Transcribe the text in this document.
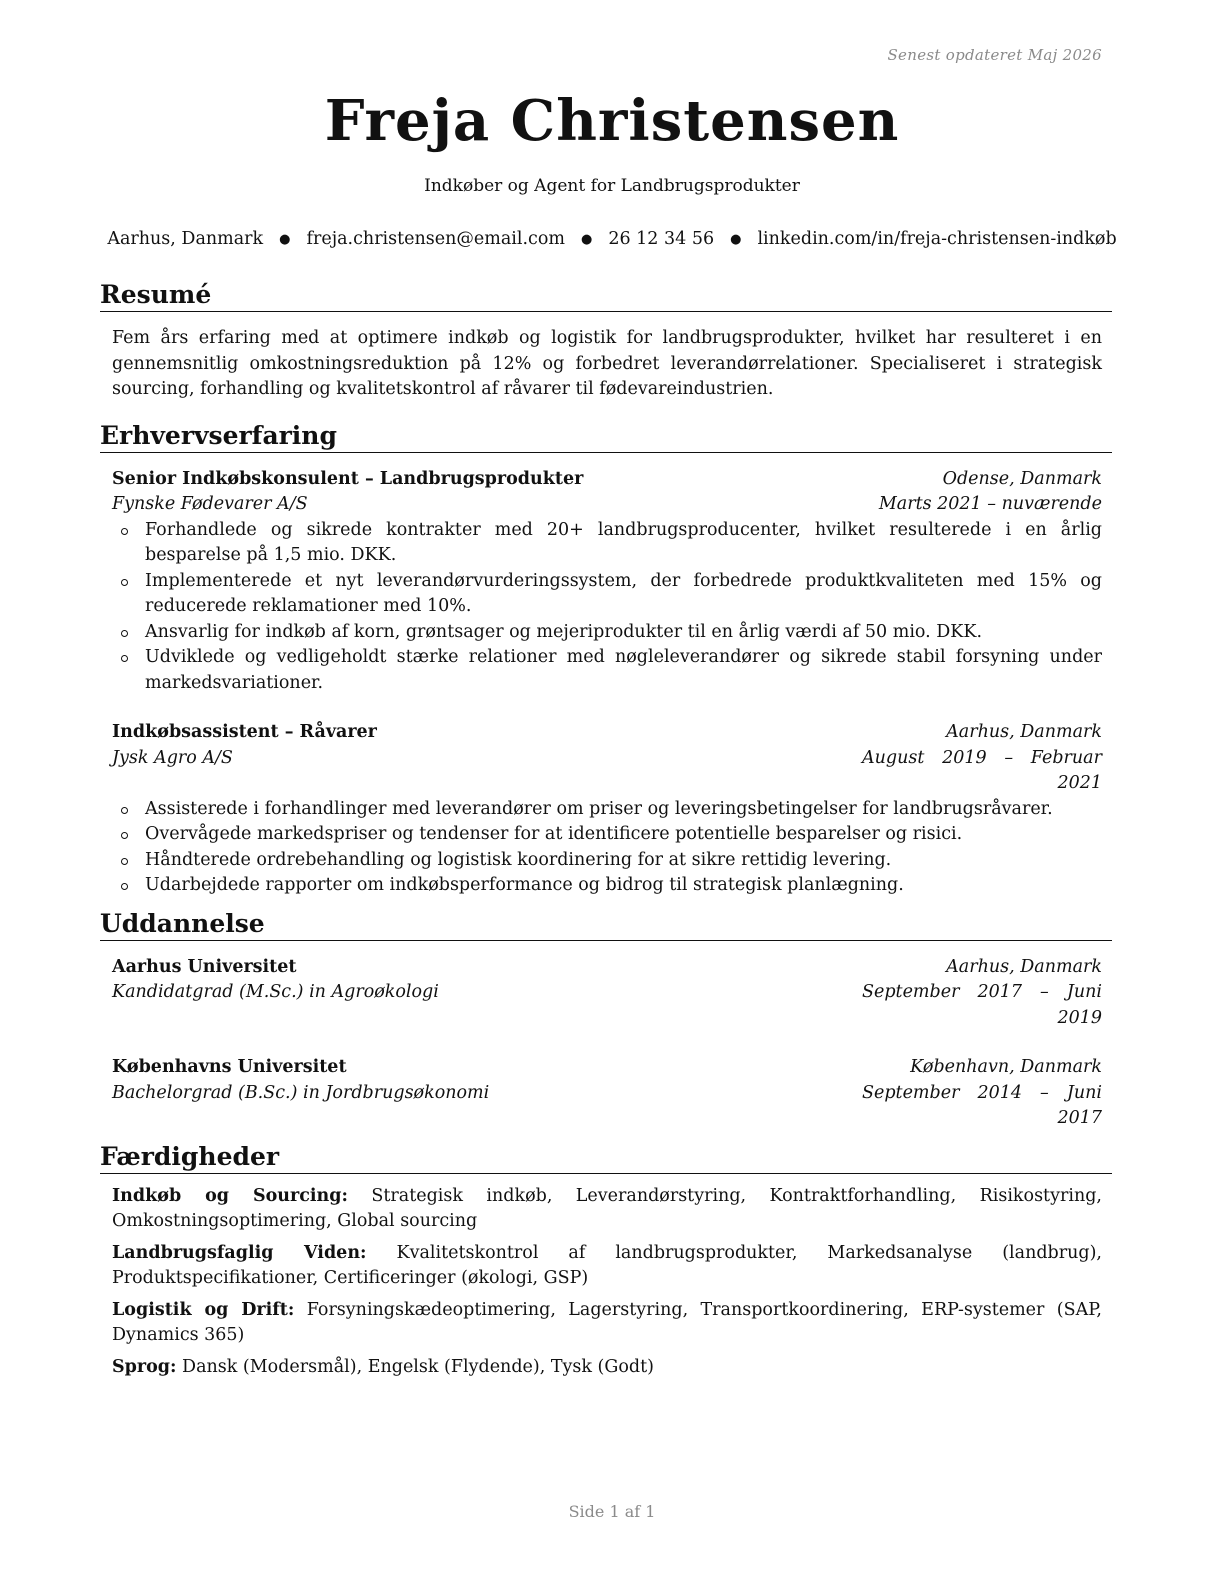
Senest opdateret Maj 2026
Freja Christensen
Indkøber og Agent for Landbrugsprodukter
Aarhus, Danmark ● freja.christensen@email.com ● 26 12 34 56 ● linkedin.com/in/freja-christensen-indkøb
Resumé
Fem års erfaring med at optimere indkøb og logistik for landbrugsprodukter, hvilket har resulteret i en gennemsnitlig omkostningsreduktion på 12% og forbedret leverandørrelationer. Specialiseret i strategisk sourcing, forhandling og kvalitetskontrol af råvarer til fødevareindustrien.
Erhvervserfaring
Senior Indkøbskonsulent – Landbrugsprodukter	Odense, Danmark
Fynske Fødevarer A/S	Marts 2021 – nuværende
Forhandlede og sikrede kontrakter med 20+ landbrugsproducenter, hvilket resulterede i en årlig besparelse på 1,5 mio. DKK.
Implementerede et nyt leverandørvurderingssystem, der forbedrede produktkvaliteten med 15% og reducerede reklamationer med 10%.
Ansvarlig for indkøb af korn, grøntsager og mejeriprodukter til en årlig værdi af 50 mio. DKK.
Udviklede og vedligeholdt stærke relationer med nøgleleverandører og sikrede stabil forsyning under markedsvariationer.
Indkøbsassistent – Råvarer	Aarhus, Danmark
Jysk Agro A/S	August 2019 – Februar 2021
Assisterede i forhandlinger med leverandører om priser og leveringsbetingelser for landbrugsråvarer.
Overvågede markedspriser og tendenser for at identificere potentielle besparelser og risici.
Håndterede ordrebehandling og logistisk koordinering for at sikre rettidig levering.
Udarbejdede rapporter om indkøbsperformance og bidrog til strategisk planlægning.
Uddannelse
Aarhus Universitet	Aarhus, Danmark
Kandidatgrad (M.Sc.) in Agroøkologi	September 2017 – Juni 2019
Københavns Universitet	København, Danmark
Bachelorgrad (B.Sc.) in Jordbrugsøkonomi	September 2014 – Juni 2017
Færdigheder
Indkøb og Sourcing: Strategisk indkøb, Leverandørstyring, Kontraktforhandling, Risikostyring, Omkostningsoptimering, Global sourcing
Landbrugsfaglig Viden: Kvalitetskontrol af landbrugsprodukter, Markedsanalyse (landbrug), Produktspecifikationer, Certificeringer (økologi, GSP)
Logistik og Drift: Forsyningskædeoptimering, Lagerstyring, Transportkoordinering, ERP-systemer (SAP, Dynamics 365)
Sprog: Dansk (Modersmål), Engelsk (Flydende), Tysk (Godt)
Side 1 af 1
